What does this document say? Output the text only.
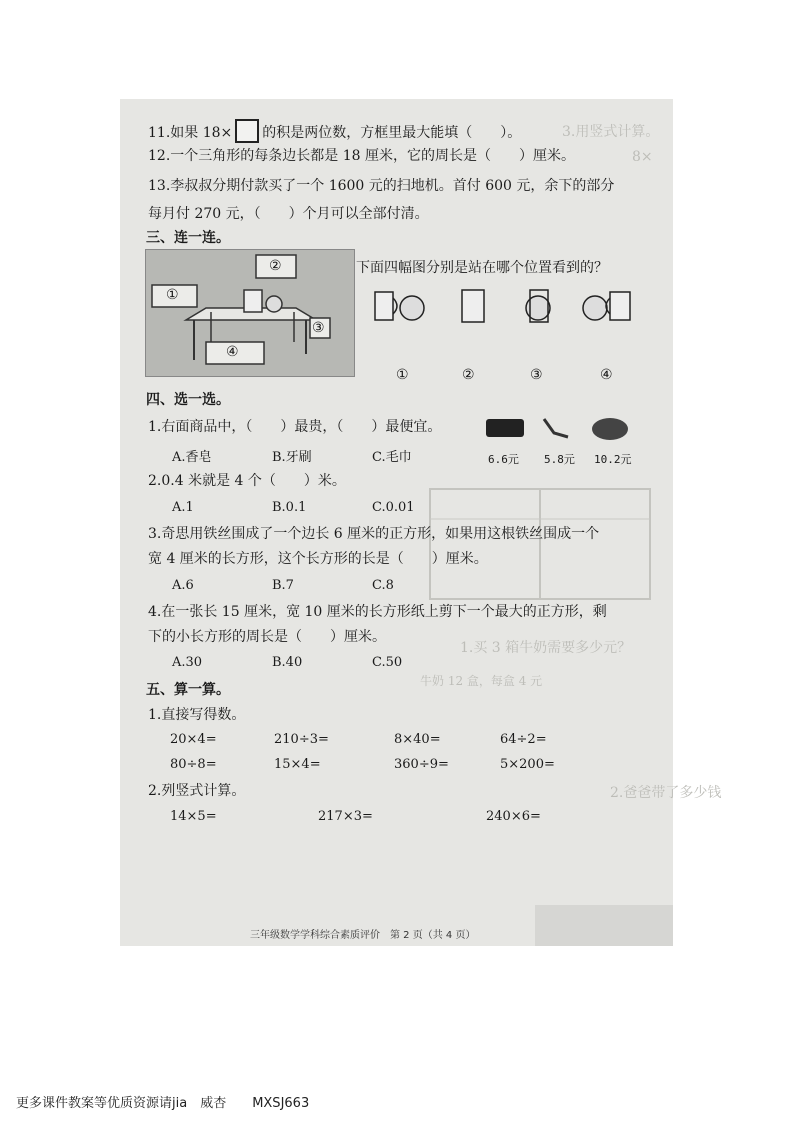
3.用竖式计算。
8×
1.买 3 箱牛奶需要多少元？
牛奶 12 盒，每盒 4 元
2.爸爸带了多少钱
11.如果 18× 的积是两位数，方框里最大能填（　　）。
12.一个三角形的每条边长都是 18 厘米，它的周长是（　　）厘米。
13.李叔叔分期付款买了一个 1600 元的扫地机。首付 600 元，余下的部分
每月付 270 元，（　　）个月可以全部付清。
三、连一连。
①
②
③
④
下面四幅图分别是站在哪个位置看到的？
①	②	③	④
四、选一选。
1.右面商品中，（　　）最贵，（　　）最便宜。
A.香皂	B.牙刷	C.毛巾	6.6元 5.8元 10.2元
2.0.4 米就是 4 个（　　）米。
A.1	B.0.1	C.0.01
3.奇思用铁丝围成了一个边长 6 厘米的正方形，如果用这根铁丝围成一个
宽 4 厘米的长方形，这个长方形的长是（　　）厘米。
A.6	B.7	C.8
4.在一张长 15 厘米，宽 10 厘米的长方形纸上剪下一个最大的正方形，剩
下的小长方形的周长是（　　）厘米。
A.30	B.40	C.50
五、算一算。
1.直接写得数。
20×4=	210÷3=	8×40=	64÷2=
80÷8=	15×4=	360÷9=	5×200=
2.列竖式计算。
14×5=	217×3=	240×6=
三年级数学学科综合素质评价　第 2 页（共 4 页）
更多课件教案等优质资源请jia　威杏　　MXSJ663
